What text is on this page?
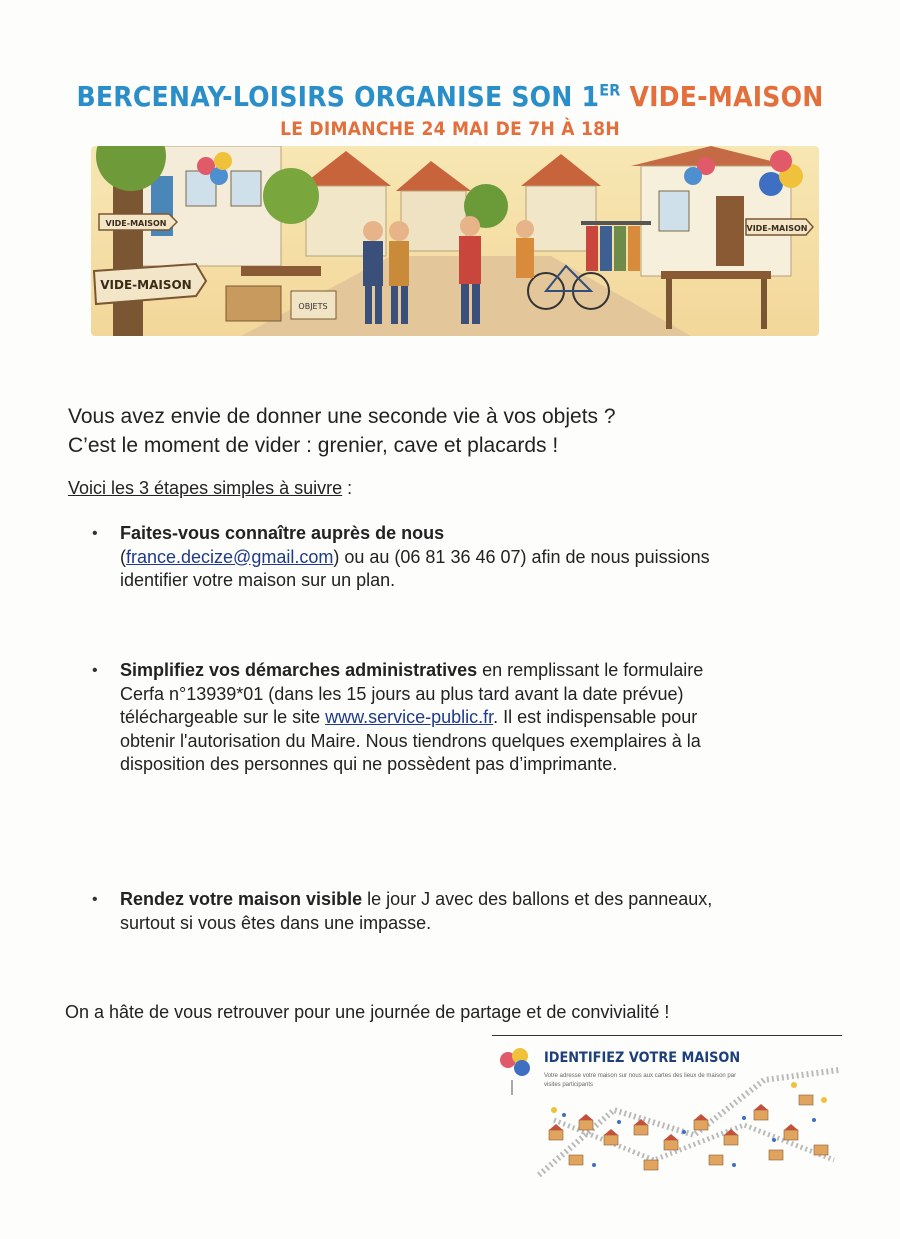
BERCENAY-LOISIRS ORGANISE SON 1ER VIDE-MAISON

LE DIMANCHE 24 MAI DE 7H À 18H

OBJETS
VIDE-MAISON
VIDE-MAISON
VIDE-MAISON

Vous avez envie de donner une seconde vie à vos objets ?
C’est le moment de vider : grenier, cave et placards !

Voici les 3 étapes simples à suivre :

•	Faites-vous connaître auprès de nous
(france.decize@gmail.com) ou au (06 81 36 46 07) afin de nous puissions identifier votre maison sur un plan.
•	Simplifiez vos démarches administratives en remplissant le formulaire Cerfa n°13939*01 (dans les 15 jours au plus tard avant la date prévue) téléchargeable sur le site www.service-public.fr. Il est indispensable pour obtenir l'autorisation du Maire. Nous tiendrons quelques exemplaires à la disposition des personnes qui ne possèdent pas d’imprimante.
•	Rendez votre maison visible le jour J avec des ballons et des panneaux, surtout si vous êtes dans une impasse.

On a hâte de vous retrouver pour une journée de partage et de convivialité !

IDENTIFIEZ VOTRE MAISON
Votre adresse votre maison sur nous aux cartes des lieux de maison par visites participants
